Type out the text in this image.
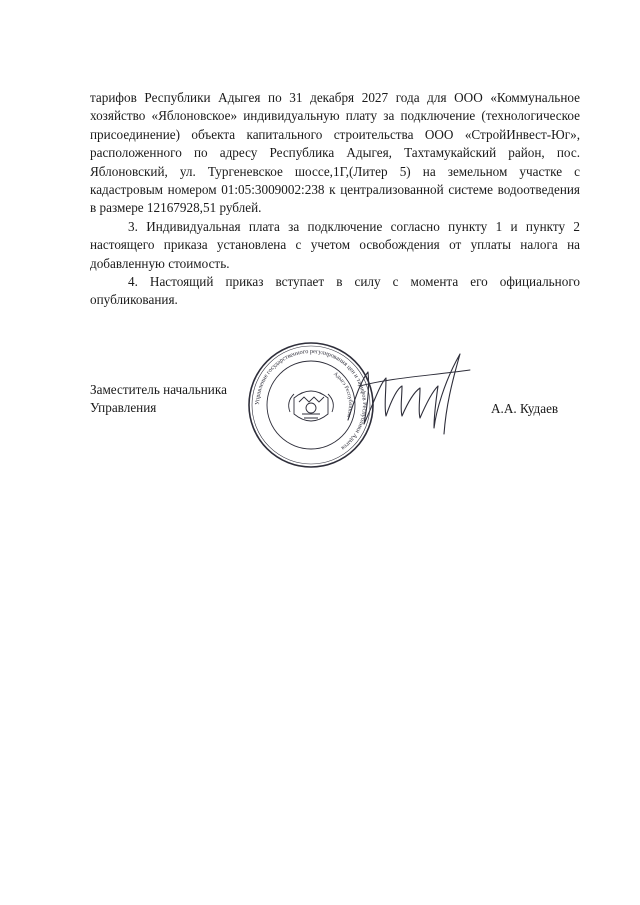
тарифов Республики Адыгея по 31 декабря 2027 года для ООО «Коммунальное хозяйство «Яблоновское» индивидуальную плату за подключение (технологическое присоединение) объекта капитального строительства ООО «СтройИнвест-Юг», расположенного по адресу Республика Адыгея, Тахтамукайский район, пос. Яблоновский, ул. Тургеневское шоссе,1Г,(Литер 5) на земельном участке с кадастровым номером 01:05:3009002:238 к централизованной системе водоотведения в размере 12167928,51 рублей.

3. Индивидуальная плата за подключение согласно пункту 1 и пункту 2 настоящего приказа установлена с учетом освобождения от уплаты налога на добавленную стоимость.

4. Настоящий приказ вступает в силу с момента его официального опубликования.

Заместитель начальника
Управления	Управление государственного регулирования цен и тарифов Республики Адыгея
Адыгэ Республикэм	А.А. Кудаев
